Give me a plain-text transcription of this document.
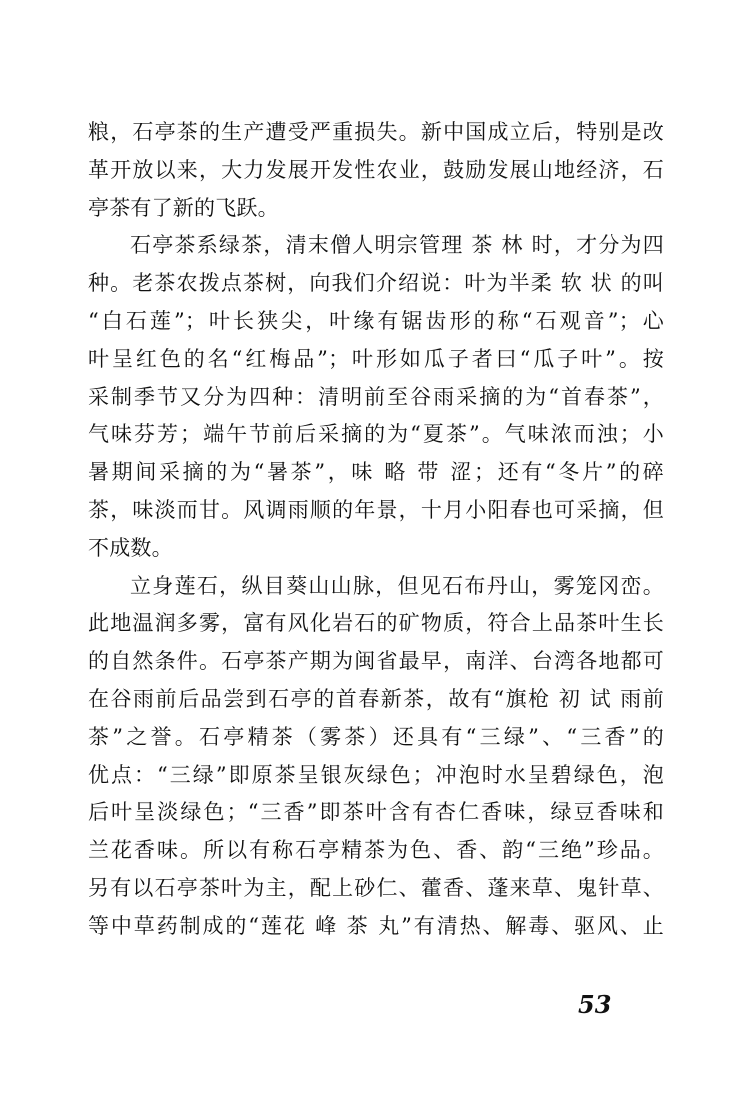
粮，石亭茶的生产遭受严重损失。新中国成立后，特别是改
革开放以来，大力发展开发性农业，鼓励发展山地经济，石
亭茶有了新的飞跃。
石亭茶系绿茶，清末僧人明宗管理 茶 林 时，才分为四
种。老茶农拨点茶树，向我们介绍说：叶为半柔 软 状 的叫
“白石莲”；叶长狭尖，叶缘有锯齿形的称“石观音”；心
叶呈红色的名“红梅品”；叶形如瓜子者曰“瓜子叶”。按
采制季节又分为四种：清明前至谷雨采摘的为“首春茶”，
气味芬芳；端午节前后采摘的为“夏茶”。气味浓而浊；小
暑期间采摘的为“暑茶”，味 略 带 涩；还有“冬片”的碎
茶，味淡而甘。风调雨顺的年景，十月小阳春也可采摘，但
不成数。
立身莲石，纵目葵山山脉，但见石布丹山，雾笼冈峦。
此地温润多雾，富有风化岩石的矿物质，符合上品茶叶生长
的自然条件。石亭茶产期为闽省最早，南洋、台湾各地都可
在谷雨前后品尝到石亭的首春新茶，故有“旗枪 初 试 雨前
茶”之誉。石亭精茶（雾茶）还具有“三绿”、“三香”的
优点：“三绿”即原茶呈银灰绿色；冲泡时水呈碧绿色，泡
后叶呈淡绿色；“三香”即茶叶含有杏仁香味，绿豆香味和
兰花香味。所以有称石亭精茶为色、香、韵“三绝”珍品。
另有以石亭茶叶为主，配上砂仁、藿香、蓬来草、鬼针草、
等中草药制成的“莲花 峰 茶 丸”有清热、解毒、驱风、止
53
